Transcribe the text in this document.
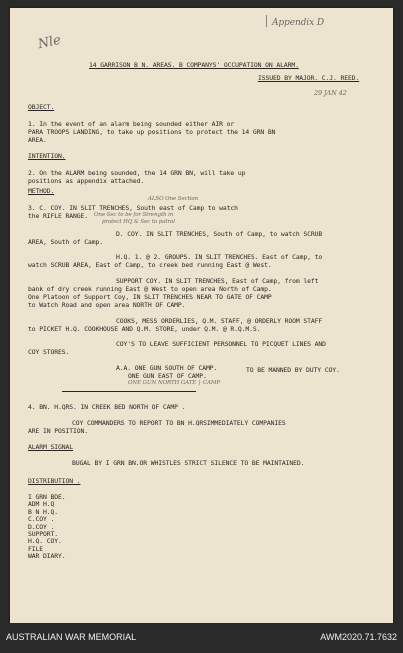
Nle
Appendix D
29 JAN 42
14 GARRISON B N. AREAS. B COMPANYS' OCCUPATION ON ALARM.
ISSUED BY MAJOR. C.J. REED.
OBJECT.
1. In the event of an alarm being sounded either AIR or
PARA TROOPS LANDING, to take up positions to protect the 14 GRN BN
AREA.
INTENTION.
2. On the ALARM being sounded, the 14 GRN BN, will take up
positions as appendix attached.
METHOD.
ALSO One Section
3. C. COY. IN SLIT TRENCHES, South east of Camp to watch
the RIFLE RANGE. One Sec to be for Strength in
protect HQ & Sec to patrol
D. COY. IN SLIT TRENCHES, South of Camp, to watch SCRUB
AREA, South of Camp.
H.Q. 1. @ 2. GROUPS. IN SLIT TRENCHES. East of Camp, to
watch SCRUB AREA, East of Camp, to creek bed running East @ West.
SUPPORT COY. IN SLIT TRENCHES, East of Camp, from left
bank of dry creek running East @ West to open area North of Camp.
One Platoon of Support Coy, IN SLIT TRENCHES NEAR TO GATE OF CAMP
to Watch Road and open area NORTH OF CAMP.
COOKS, MESS ORDERLIES, Q.M. STAFF, @ ORDERLY ROOM STAFF
to PICKET H.Q. COOKHOUSE AND Q.M. STORE, under Q.M. @ R.Q.M.S.
COY'S TO LEAVE SUFFICIENT PERSONNEL TO PICQUET LINES AND
COY STORES.
A.A. ONE GUN SOUTH OF CAMP.
ONE GUN EAST OF CAMP.
TO BE MANNED BY DUTY COY.
ONE GUN NORTH GATE } CAMP
4. BN. H.QRS. IN CREEK BED NORTH OF CAMP .
COY COMMANDERS TO REPORT TO BN H.QRSIMMEDIATELY COMPANIES
ARE IN POSITION.
ALARM SIGNAL
BUGAL BY I GRN BN.OR WHISTLES STRICT SILENCE TO BE MAINTAINED.
DISTRIBUTION .
I GRN BDE.
ADM H.Q
B N H.Q.
C.COY .
D.COY .
SUPPORT.
H.Q. COY.
FILE
WAR DIARY.
AUSTRALIAN WAR MEMORIAL	AWM2020.71.7632
